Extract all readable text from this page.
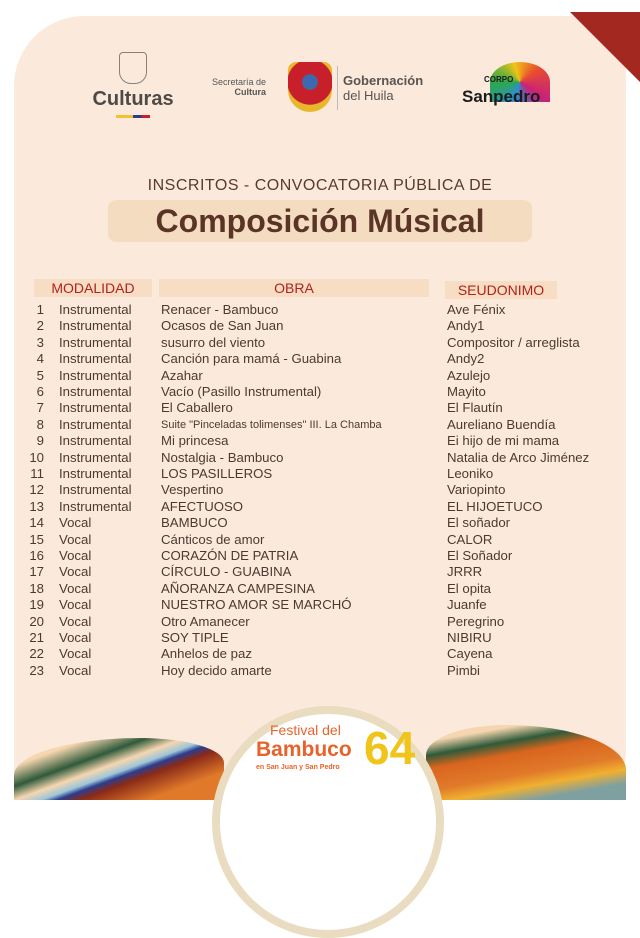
Culturas
Secretaría de
Cultura
Gobernación
del Huila
CORPO
Sanpedro
INSCRITOS - CONVOCATORIA PÚBLICA DE
Composición Músical
MODALIDAD	OBRA	SEUDONIMO
1 Instrumental Renacer - Bambuco	Ave Fénix
2 Instrumental Ocasos de San Juan	Andy1
3 Instrumental susurro del viento	Compositor / arreglista
4 Instrumental Canción para mamá - Guabina	Andy2
5 Instrumental Azahar	Azulejo
6 Instrumental Vacío (Pasillo Instrumental)	Mayito
7 Instrumental El Caballero	El Flautín
8 Instrumental	Suite "Pinceladas tolimenses" III. La Chamba	Aureliano Buendía
9 Instrumental Mi princesa	Ei hijo de mi mama
10 Instrumental Nostalgia - Bambuco	Natalia de Arco Jiménez
11 Instrumental LOS PASILLEROS	Leoniko
12 Instrumental Vespertino	Variopinto
13 Instrumental AFECTUOSO	EL HIJOETUCO
14 Vocal	BAMBUCO	El soñador
15 Vocal	Cánticos de amor	CALOR
16 Vocal	CORAZÓN DE PATRIA	El Soñador
17 Vocal	CÍRCULO - GUABINA	JRRR
18 Vocal	AÑORANZA CAMPESINA	El opita
19 Vocal	NUESTRO AMOR SE MARCHÓ	Juanfe
20 Vocal	Otro Amanecer	Peregrino
21 Vocal	SOY TIPLE	NIBIRU
22 Vocal	Anhelos de paz	Cayena
23 Vocal	Hoy decido amarte	Pimbi
Festival del
Bambuco
en San Juan y San Pedro 64
